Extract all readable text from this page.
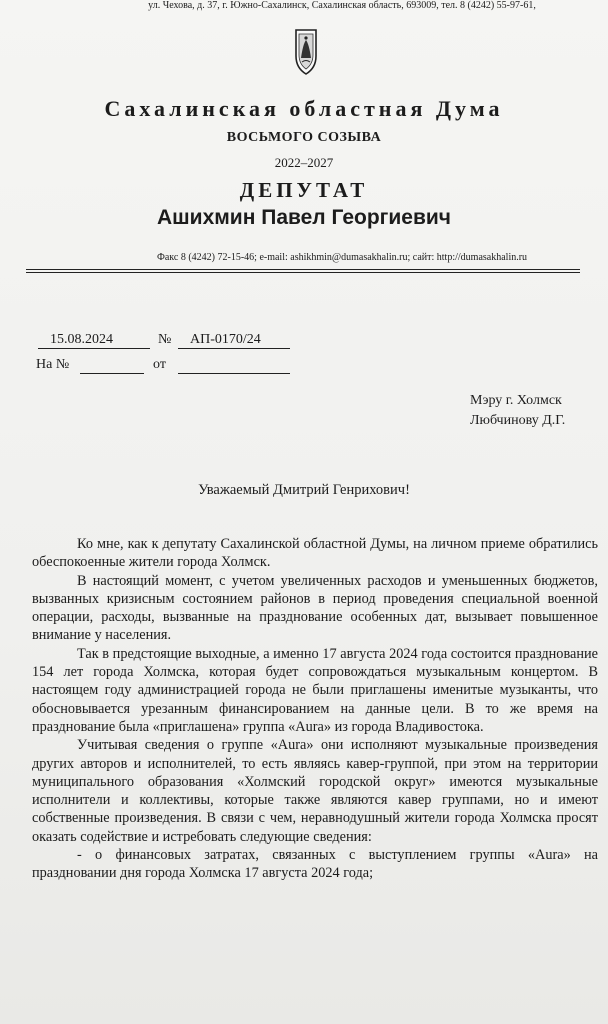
Сахалинская областная Дума
ВОСЬМОГО СОЗЫВА
2022–2027
ДЕПУТАТ
Ашихмин Павел Георгиевич
ул. Чехова, д. 37, г. Южно-Сахалинск, Сахалинская область, 693009, тел. 8 (4242) 55-97-61,
Факс 8 (4242) 72-15-46; e-mail: ashikhmin@dumasakhalin.ru; сайт: http://dumasakhalin.ru
15.08.2024	№ АП-0170/24
На №	от
Мэру г. Холмск
Любчинову Д.Г.
Уважаемый Дмитрий Генрихович!

Ко мне, как к депутату Сахалинской областной Думы, на личном приеме обратились обеспокоенные жители города Холмск.

В настоящий момент, с учетом увеличенных расходов и уменьшенных бюджетов, вызванных кризисным состоянием районов в период проведения специальной военной операции, расходы, вызванные на празднование особенных дат, вызывает повышенное внимание у населения.

Так в предстоящие выходные, а именно 17 августа 2024 года состоится празднование 154 лет города Холмска, которая будет сопровождаться музыкальным концертом. В настоящем году администрацией города не были приглашены именитые музыканты, что обосновывается урезанным финансированием на данные цели. В то же время на празднование была «приглашена» группа «Aura» из города Владивостока.

Учитывая сведения о группе «Aura» они исполняют музыкальные произведения других авторов и исполнителей, то есть являясь кавер-группой, при этом на территории муниципального образования «Холмский городской округ» имеются музыкальные исполнители и коллективы, которые также являются кавер группами, но и имеют собственные произведения. В связи с чем, неравнодушный жители города Холмска просят оказать содействие и истребовать следующие сведения:

- о финансовых затратах, связанных с выступлением группы «Aura» на праздновании дня города Холмска 17 августа 2024 года;
